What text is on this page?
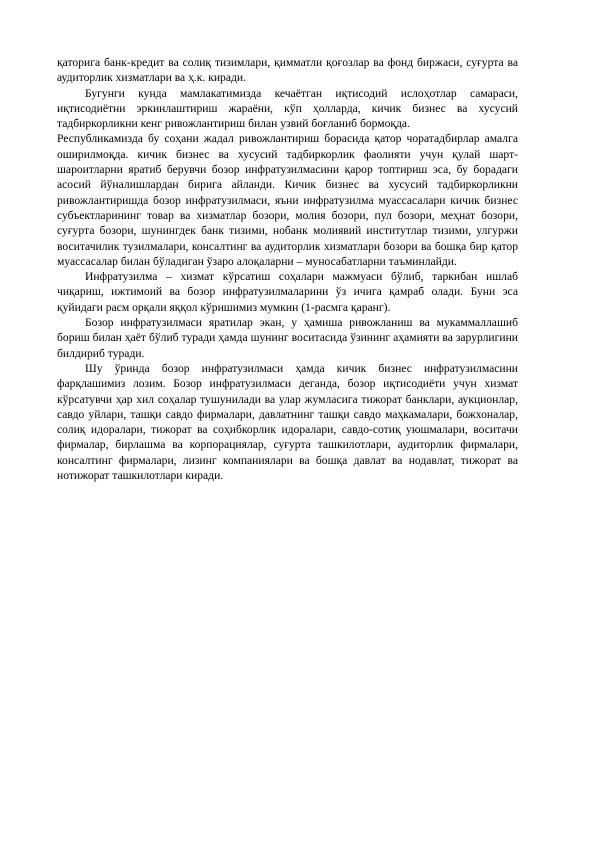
қаторига банк-кредит ва солиқ тизимлари, қимматли қоғозлар ва фонд биржаси, суғурта ва аудиторлик хизматлари ва ҳ.к. киради.

Бугунги кунда мамлакатимизда кечаётган иқтисодий ислоҳотлар самараси, иқтисодиётни эркинлаштириш жараёни, кўп ҳолларда, кичик бизнес ва хусусий тадбиркорликни кенг ривожлантириш билан узвий боғланиб бормоқда.

Республикамизда бу соҳани жадал ривожлантириш борасида қатор чоратадбирлар амалга оширилмоқда. кичик бизнес ва хусусий тадбиркорлик фаолияти учун қулай шарт-шароитларни яратиб берувчи бозор инфратузилмасини қарор топтириш эса, бу борадаги асосий йўналишлардан бирига айланди. Кичик бизнес ва хусусий тадбиркорликни ривожлантиришда бозор инфратузилмаси, яъни инфратузилма муассасалари кичик бизнес субъектларининг товар ва хизматлар бозори, молия бозори, пул бозори, меҳнат бозори, суғурта бозори, шунингдек банк тизими, нобанк молиявий институтлар тизими, улгуржи воситачилик тузилмалари, консалтинг ва аудиторлик хизматлари бозори ва бошқа бир қатор муассасалар билан бўладиган ўзаро алоқаларни – муносабатларни таъминлайди.

Инфратузилма – хизмат кўрсатиш соҳалари мажмуаси бўлиб, таркибан ишлаб чиқариш, ижтимоий ва бозор инфратузилмаларини ўз ичига қамраб олади. Буни эса қуйидаги расм орқали яққол кўришимиз мумкин (1-расмга қаранг).

Бозор инфратузилмаси яратилар экан, у ҳамиша ривожланиш ва мукаммаллашиб бориш билан ҳаёт бўлиб туради ҳамда шунинг воситасида ўзининг аҳамияти ва зарурлигини билдириб туради.

Шу ўринда бозор инфратузилмаси ҳамда кичик бизнес инфратузилмасини фарқлашимиз лозим. Бозор инфратузилмаси деганда, бозор иқтисодиёти учун хизмат кўрсатувчи ҳар хил соҳалар тушунилади ва улар жумласига тижорат банклари, аукционлар, савдо уйлари, ташқи савдо фирмалари, давлатнинг ташқи савдо маҳкамалари, божхоналар, солиқ идоралари, тижорат ва соҳибкорлик идоралари, савдо-сотиқ уюшмалари, воситачи фирмалар, бирлашма ва корпорациялар, суғурта ташкилотлари, аудиторлик фирмалари, консалтинг фирмалари, лизинг компаниялари ва бошқа давлат ва нодавлат, тижорат ва нотижорат ташкилотлари киради.
